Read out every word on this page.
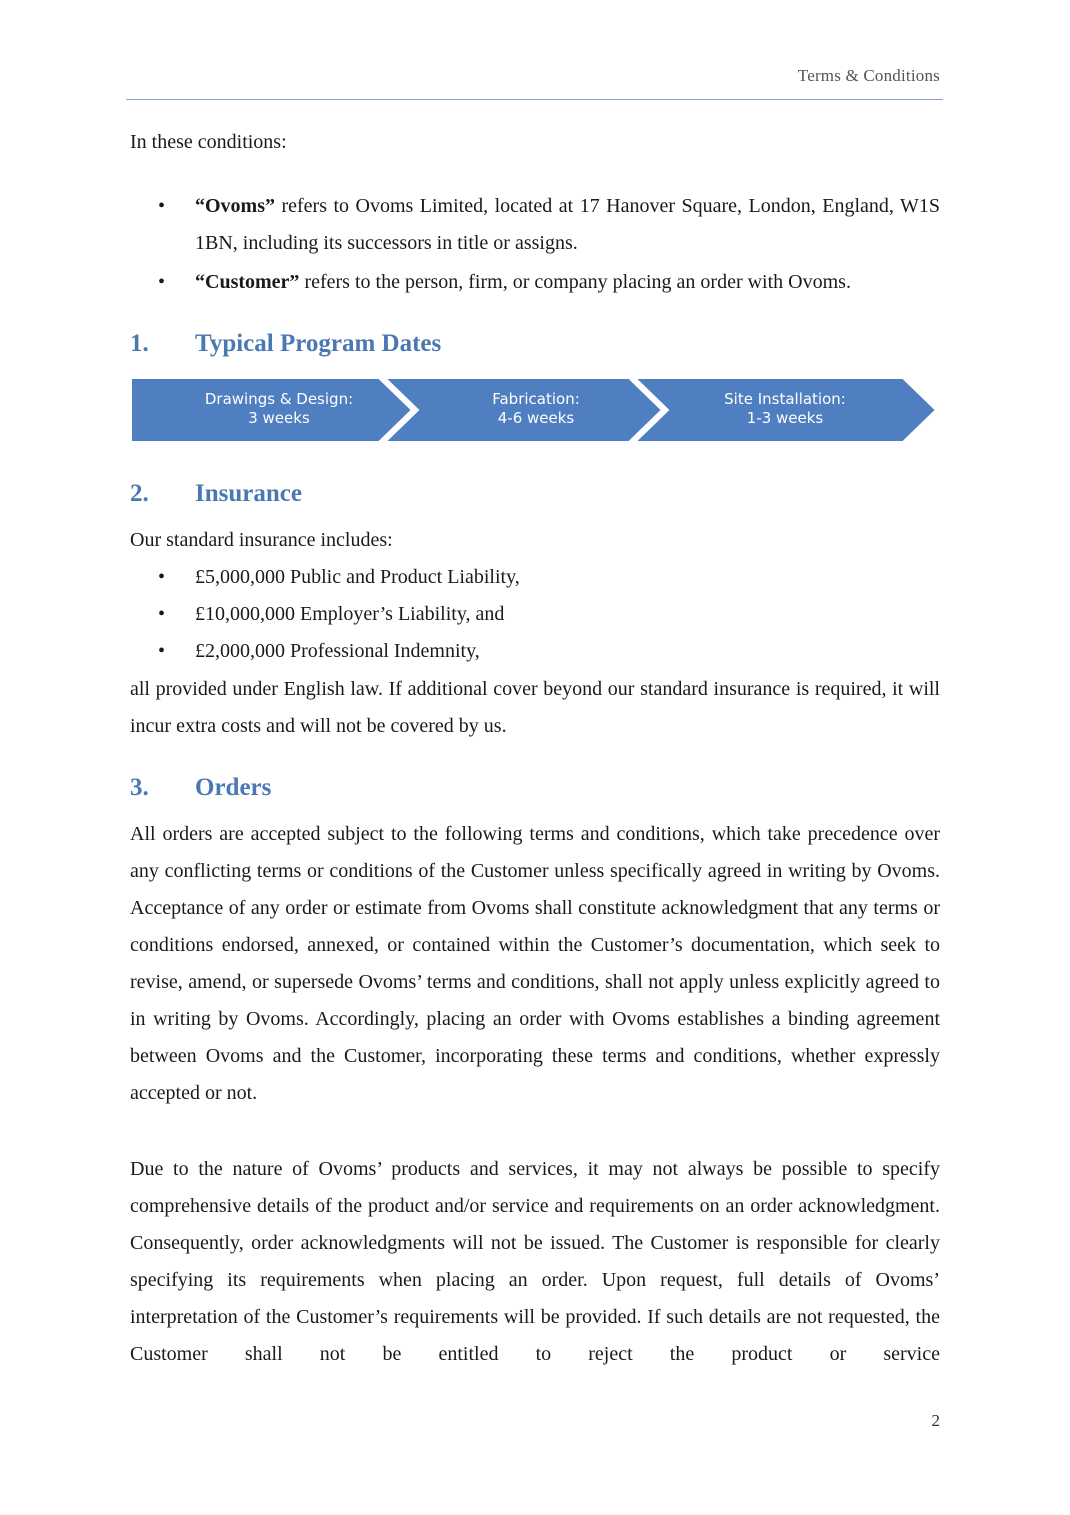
Terms & Conditions

In these conditions:

• “Ovoms” refers to Ovoms Limited, located at 17 Hanover Square, London, England, W1S 1BN, including its successors in title or assigns.
• “Customer” refers to the person, firm, or company placing an order with Ovoms.
1. Typical Program Dates
2. Insurance

Our standard insurance includes:

• £5,000,000 Public and Product Liability,
• £10,000,000 Employer’s Liability, and
• £2,000,000 Professional Indemnity,

all provided under English law. If additional cover beyond our standard insurance is required, it will incur extra costs and will not be covered by us.

3. Orders

All orders are accepted subject to the following terms and conditions, which take precedence over any conflicting terms or conditions of the Customer unless specifically agreed in writing by Ovoms. Acceptance of any order or estimate from Ovoms shall constitute acknowledgment that any terms or conditions endorsed, annexed, or contained within the Customer’s documentation, which seek to revise, amend, or supersede Ovoms’ terms and conditions, shall not apply unless explicitly agreed to in writing by Ovoms. Accordingly, placing an order with Ovoms establishes a binding agreement between Ovoms and the Customer, incorporating these terms and conditions, whether expressly accepted or not.

Due to the nature of Ovoms’ products and services, it may not always be possible to specify comprehensive details of the product and/or service and requirements on an order acknowledgment. Consequently, order acknowledgments will not be issued. The Customer is responsible for clearly specifying its requirements when placing an order. Upon request, full details of Ovoms’ interpretation of the Customer’s requirements will be provided. If such details are not requested, the Customer shall not be entitled to reject the product or service

Drawings & Design:
3 weeks
Fabrication:
4-6 weeks
Site Installation:
1-3 weeks
2
